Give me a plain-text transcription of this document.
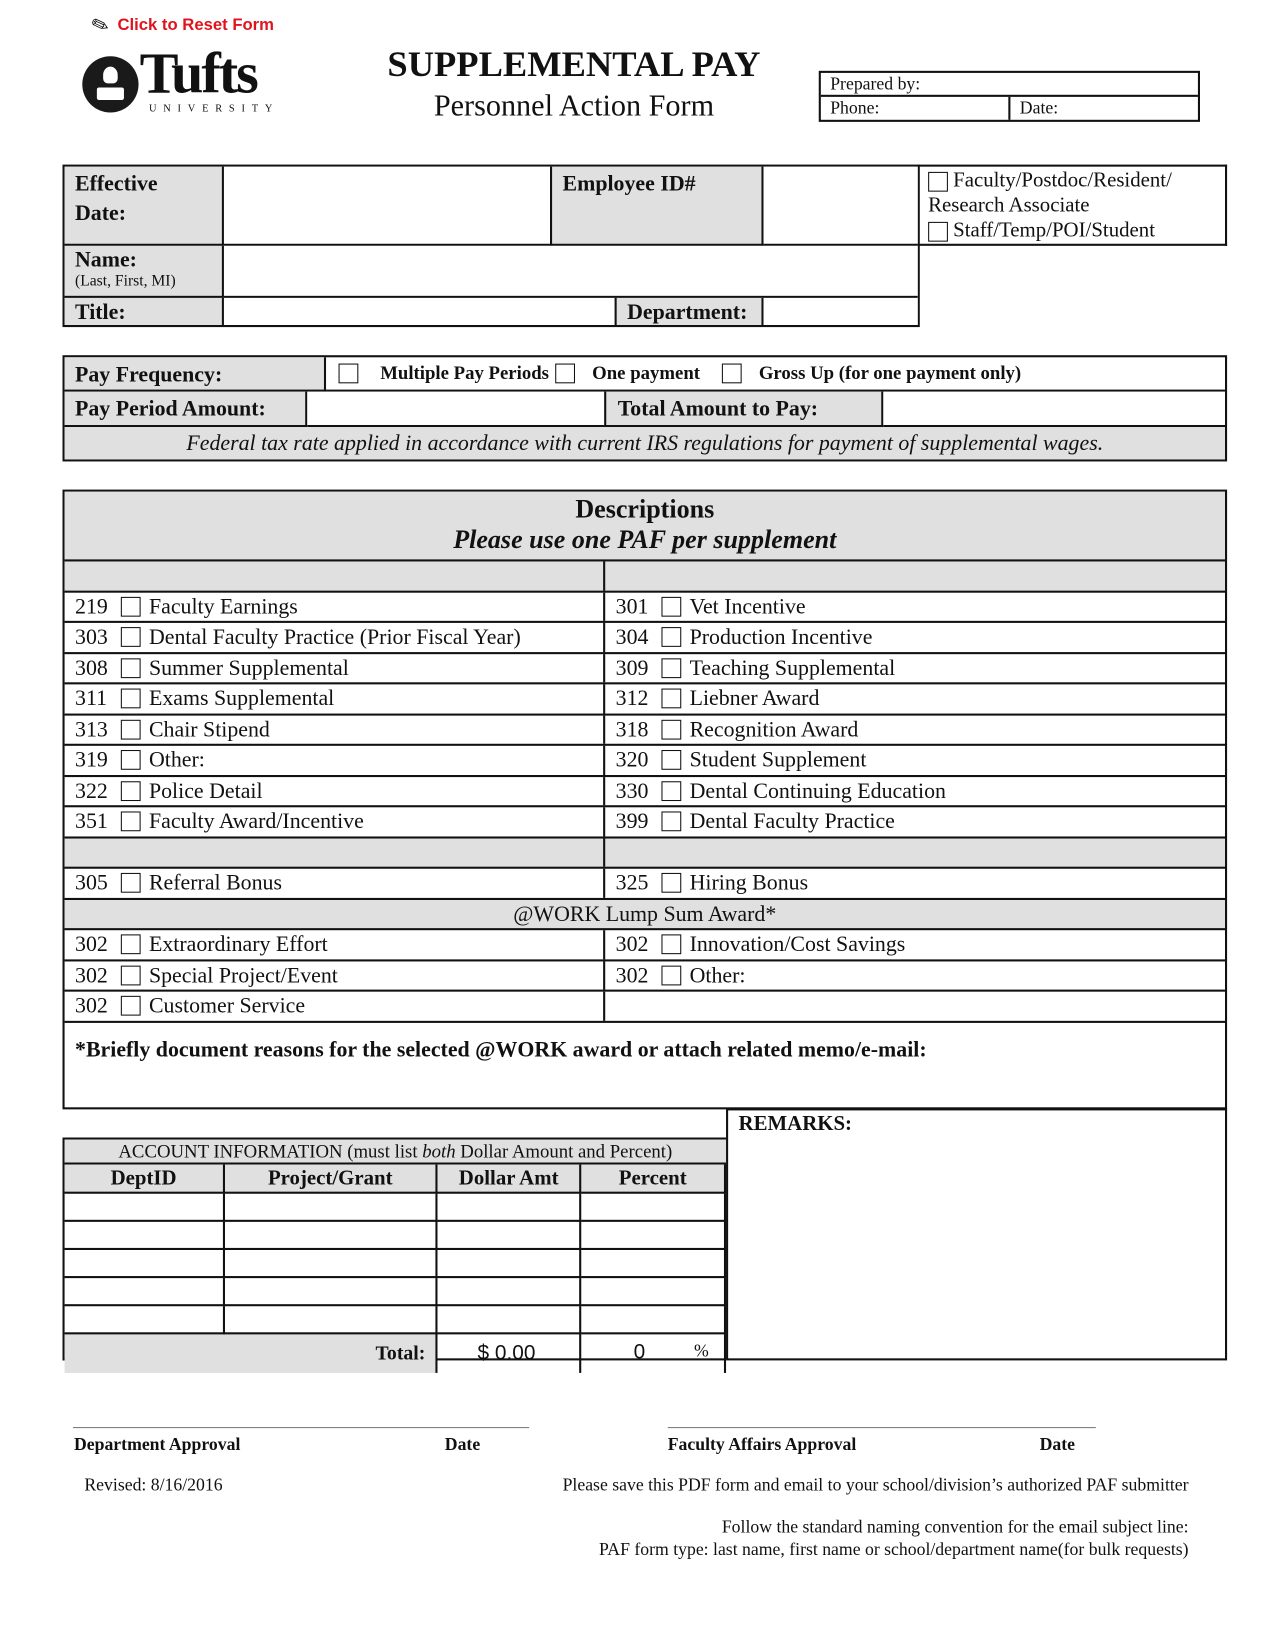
✎ Click to Reset Form
Tufts
UNIVERSITY
SUPPLEMENTAL PAY
Personnel Action Form
Prepared by:
Phone:	Date:
Effective
Date:
Employee ID#
Name:
(Last, First, MI)
Title:	Department:
Faculty/Postdoc/Resident/
Research Associate
Staff/Temp/POI/Student
Pay Frequency:
	Multiple Pay Periods
One payment

	Gross Up (for one payment only)
Pay Period Amount:	Total Amount to Pay:
Federal tax rate applied in accordance with current IRS regulations for payment of supplemental wages.
Descriptions
Please use one PAF per supplement
219	Faculty Earnings	301	Vet Incentive
303	Dental Faculty Practice (Prior Fiscal Year)	304	Production Incentive
308	Summer Supplemental	309	Teaching Supplemental
311	Exams Supplemental	312	Liebner Award
313	Chair Stipend	318	Recognition Award
319	Other:	320	Student Supplement
322	Police Detail	330	Dental Continuing Education
351	Faculty Award/Incentive	399	Dental Faculty Practice
305	Referral Bonus	325	Hiring Bonus
@WORK Lump Sum Award*
302	Extraordinary Effort	302	Innovation/Cost Savings
302	Special Project/Event	302	Other:
302	Customer Service
*Briefly document reasons for the selected @WORK award or attach related memo/e-mail:
ACCOUNT INFORMATION (must list both Dollar Amount and Percent)
DeptID	Project/Grant	Dollar Amt	Percent

Total:		$ 0.00	0 %
REMARKS:
Department Approval	Date	Faculty Affairs Approval	Date
Revised: 8/16/2016	Please save this PDF form and email to your school/division’s authorized PAF submitter
Follow the standard naming convention for the email subject line:
PAF form type: last name, first name or school/department name(for bulk requests)
